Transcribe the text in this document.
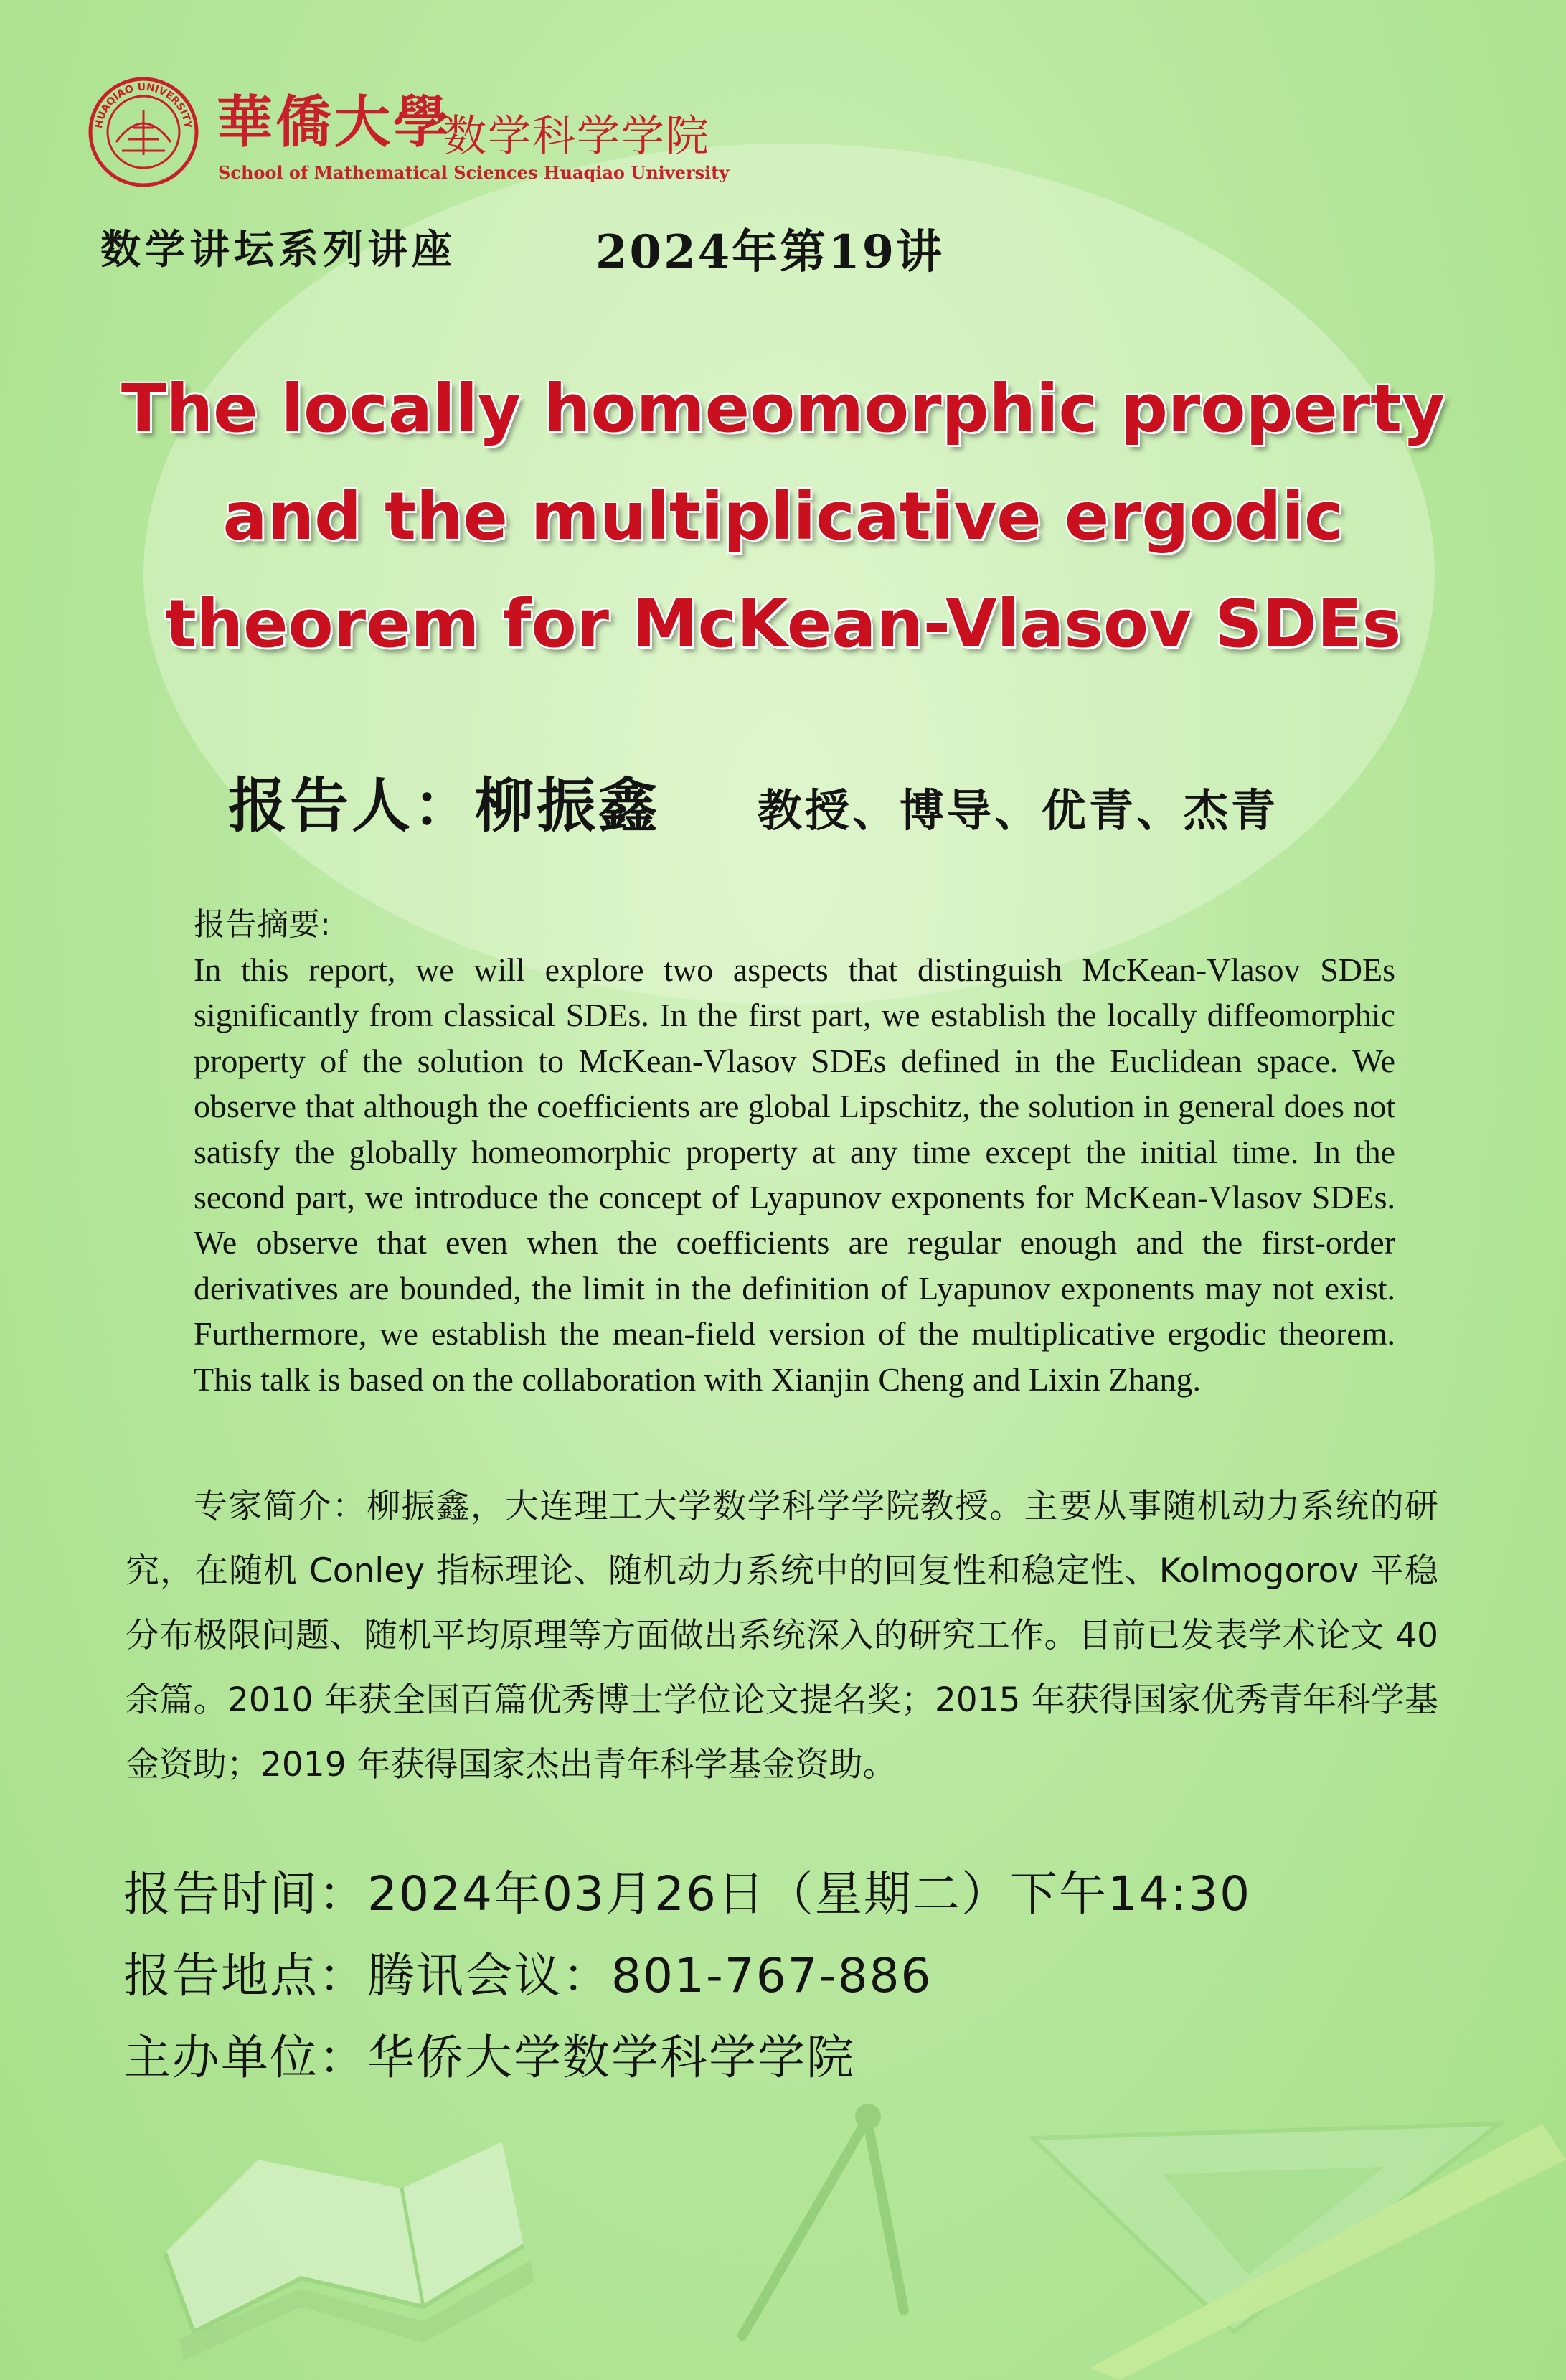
HUAQIAO UNIVERSITY 華僑大學
数学科学学院
School of Mathematical Sciences Huaqiao University
数学讲坛系列讲座	2024年第19讲
The locally homeomorphic property and the multiplicative ergodic theorem for McKean-Vlasov SDEs
报告人：柳振鑫 教授、博导、优青、杰青
报告摘要:
In this report, we will explore two aspects that distinguish McKean-Vlasov SDEs significantly from classical SDEs. In the first part, we establish the locally diffeomorphic property of the solution to McKean-Vlasov SDEs defined in the Euclidean space. We observe that although the coefficients are global Lipschitz, the solution in general does not satisfy the globally homeomorphic property at any time except the initial time. In the second part, we introduce the concept of Lyapunov exponents for McKean-Vlasov SDEs. We observe that even when the coefficients are regular enough and the first-order derivatives are bounded, the limit in the definition of Lyapunov exponents may not exist. Furthermore, we establish the mean-field version of the multiplicative ergodic theorem. This talk is based on the collaboration with Xianjin Cheng and Lixin Zhang.
专家简介：柳振鑫，大连理工大学数学科学学院教授。主要从事随机动力系统的研究，在随机 Conley 指标理论、随机动力系统中的回复性和稳定性、Kolmogorov 平稳分布极限问题、随机平均原理等方面做出系统深入的研究工作。目前已发表学术论文 40 余篇。2010 年获全国百篇优秀博士学位论文提名奖；2015 年获得国家优秀青年科学基金资助；2019 年获得国家杰出青年科学基金资助。
报告时间：2024年03月26日（星期二）下午14:30
报告地点：腾讯会议：801-767-886
主办单位：华侨大学数学科学学院
